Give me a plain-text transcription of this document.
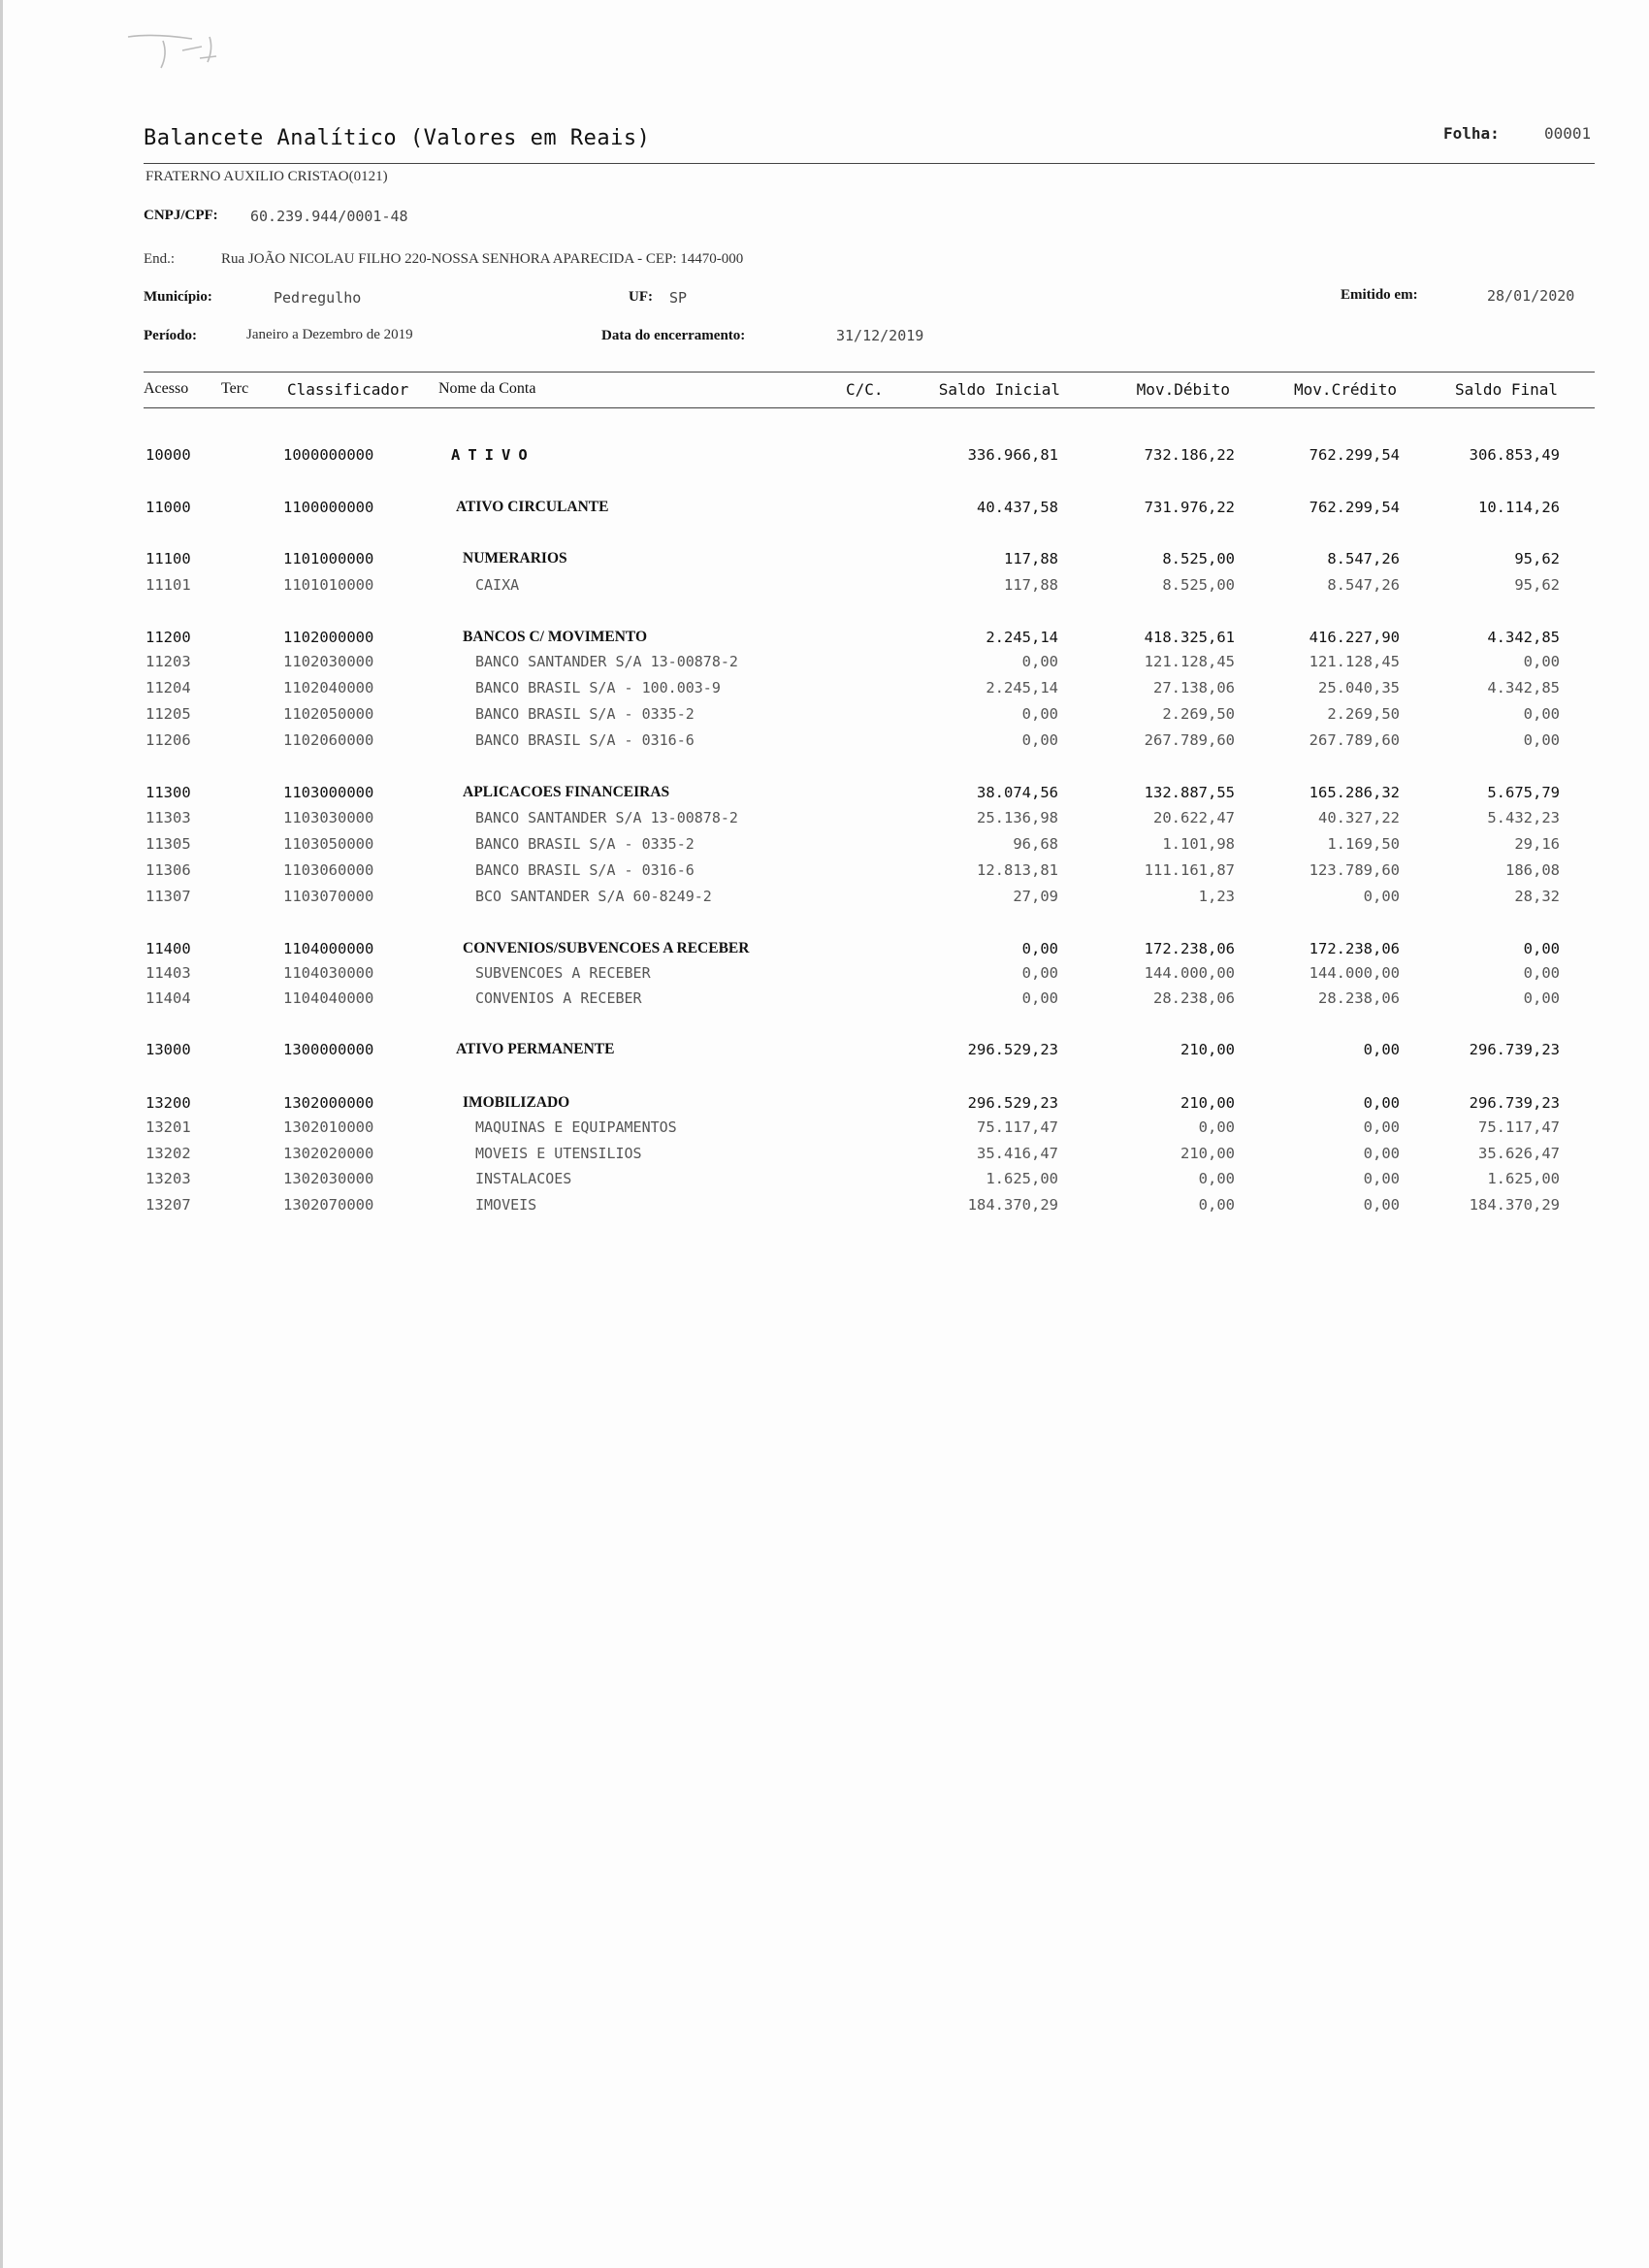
Balancete Analítico (Valores em Reais)	Folha:	00001
FRATERNO AUXILIO CRISTAO(0121)
CNPJ/CPF: 60.239.944/0001-48
End.:	Rua JOÃO NICOLAU FILHO 220-NOSSA SENHORA APARECIDA - CEP: 14470-000
Município:	Pedregulho	UF: SP	Emitido em:	28/01/2020
Período:	Janeiro a Dezembro de 2019	Data do encerramento:	31/12/2019
Acesso Terc Classificador Nome da Conta	C/C.	Saldo Inicial	Mov.Débito	Mov.Crédito	Saldo Final
10000	1000000000	ATIVO	336.966,81	732.186,22	762.299,54	306.853,49
11000	1100000000	ATIVO CIRCULANTE	40.437,58	731.976,22	762.299,54	10.114,26
11100	1101000000	NUMERARIOS	117,88	8.525,00	8.547,26	95,62
11101	1101010000	CAIXA	117,88	8.525,00	8.547,26	95,62
11200	1102000000	BANCOS C/ MOVIMENTO	2.245,14	418.325,61	416.227,90	4.342,85
11203	1102030000	BANCO SANTANDER S/A 13-00878-2	0,00	121.128,45	121.128,45	0,00
11204	1102040000	BANCO BRASIL S/A - 100.003-9	2.245,14	27.138,06	25.040,35	4.342,85
11205	1102050000	BANCO BRASIL S/A - 0335-2	0,00	2.269,50	2.269,50	0,00
11206	1102060000	BANCO BRASIL S/A - 0316-6	0,00	267.789,60	267.789,60	0,00
11300	1103000000	APLICACOES FINANCEIRAS	38.074,56	132.887,55	165.286,32	5.675,79
11303	1103030000	BANCO SANTANDER S/A 13-00878-2	25.136,98	20.622,47	40.327,22	5.432,23
11305	1103050000	BANCO BRASIL S/A - 0335-2	96,68	1.101,98	1.169,50	29,16
11306	1103060000	BANCO BRASIL S/A - 0316-6	12.813,81	111.161,87	123.789,60	186,08
11307	1103070000	BCO SANTANDER S/A 60-8249-2	27,09	1,23	0,00	28,32
11400	1104000000	CONVENIOS/SUBVENCOES A RECEBER	0,00	172.238,06	172.238,06	0,00
11403	1104030000	SUBVENCOES A RECEBER	0,00	144.000,00	144.000,00	0,00
11404	1104040000	CONVENIOS A RECEBER	0,00	28.238,06	28.238,06	0,00
13000	1300000000	ATIVO PERMANENTE	296.529,23	210,00	0,00	296.739,23
13200	1302000000	IMOBILIZADO	296.529,23	210,00	0,00	296.739,23
13201	1302010000	MAQUINAS E EQUIPAMENTOS	75.117,47	0,00	0,00	75.117,47
13202	1302020000	MOVEIS E UTENSILIOS	35.416,47	210,00	0,00	35.626,47
13203	1302030000	INSTALACOES	1.625,00	0,00	0,00	1.625,00
13207	1302070000	IMOVEIS	184.370,29	0,00	0,00	184.370,29
